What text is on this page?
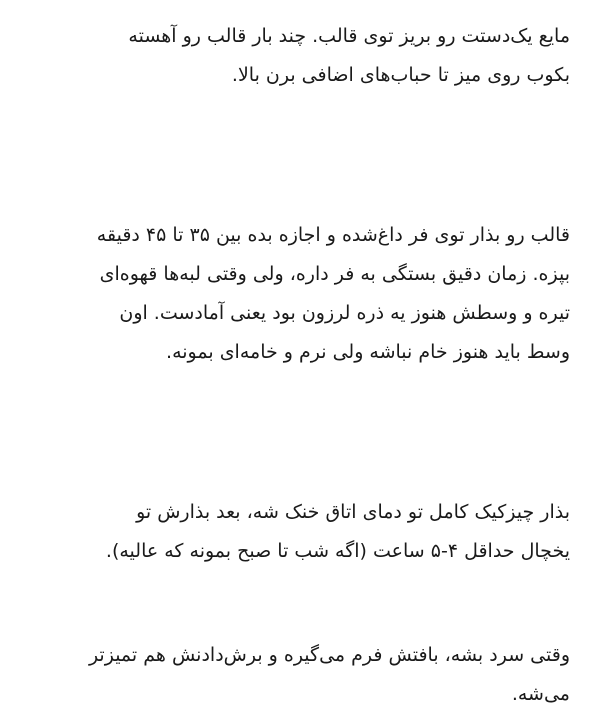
مایع یک‌دستت رو بریز توی قالب. چند بار قالب رو آهسته
بکوب روی میز تا حباب‌های اضافی برن بالا.

قالب رو بذار توی فر داغ‌شده و اجازه بده بین ۳۵ تا ۴۵ دقیقه
بپزه. زمان دقیق بستگی به فر داره، ولی وقتی لبه‌ها قهوه‌ای
تیره و وسطش هنوز یه ذره لرزون بود یعنی آمادست. اون
وسط باید هنوز خام نباشه ولی نرم و خامه‌ای بمونه.

بذار چیزکیک کامل تو دمای اتاق خنک شه، بعد بذارش تو
یخچال حداقل ۴-۵ ساعت (اگه شب تا صبح بمونه که عالیه).

وقتی سرد بشه، بافتش فرم می‌گیره و برش‌دادنش هم تمیزتر
می‌شه.
